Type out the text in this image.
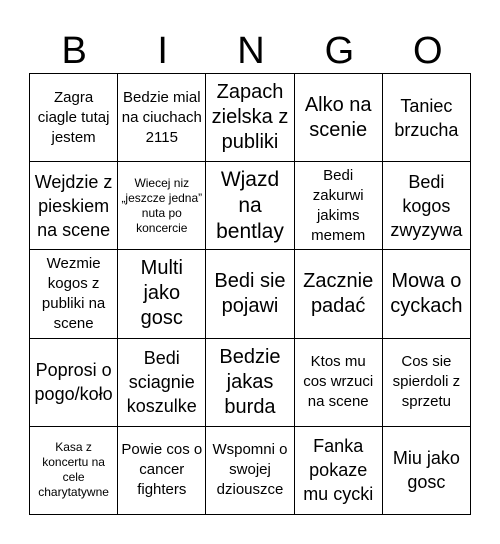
B	I	N	G	O
Zagra ciagle tutaj jestem
Bedzie mial na ciuchach 2115
Zapach zielska z publiki
Alko na scenie
Taniec brzucha
Wejdzie z pieskiem na scene
Wiecej niz „jeszcze jedna” nuta po koncercie
Wjazd na bentlay
Bedi zakurwi jakims memem
Bedi kogos zwyzywa
Wezmie kogos z publiki na scene
Multi jako gosc
Bedi sie pojawi
Zacznie padać
Mowa o cyckach
Poprosi o pogo/koło
Bedi sciagnie koszulke
Bedzie jakas burda
Ktos mu cos wrzuci na scene
Cos sie spierdoli z sprzetu
Kasa z koncertu na cele charytatywne
Powie cos o cancer fighters
Wspomni o swojej dziouszce
Fanka pokaze mu cycki
Miu jako gosc
